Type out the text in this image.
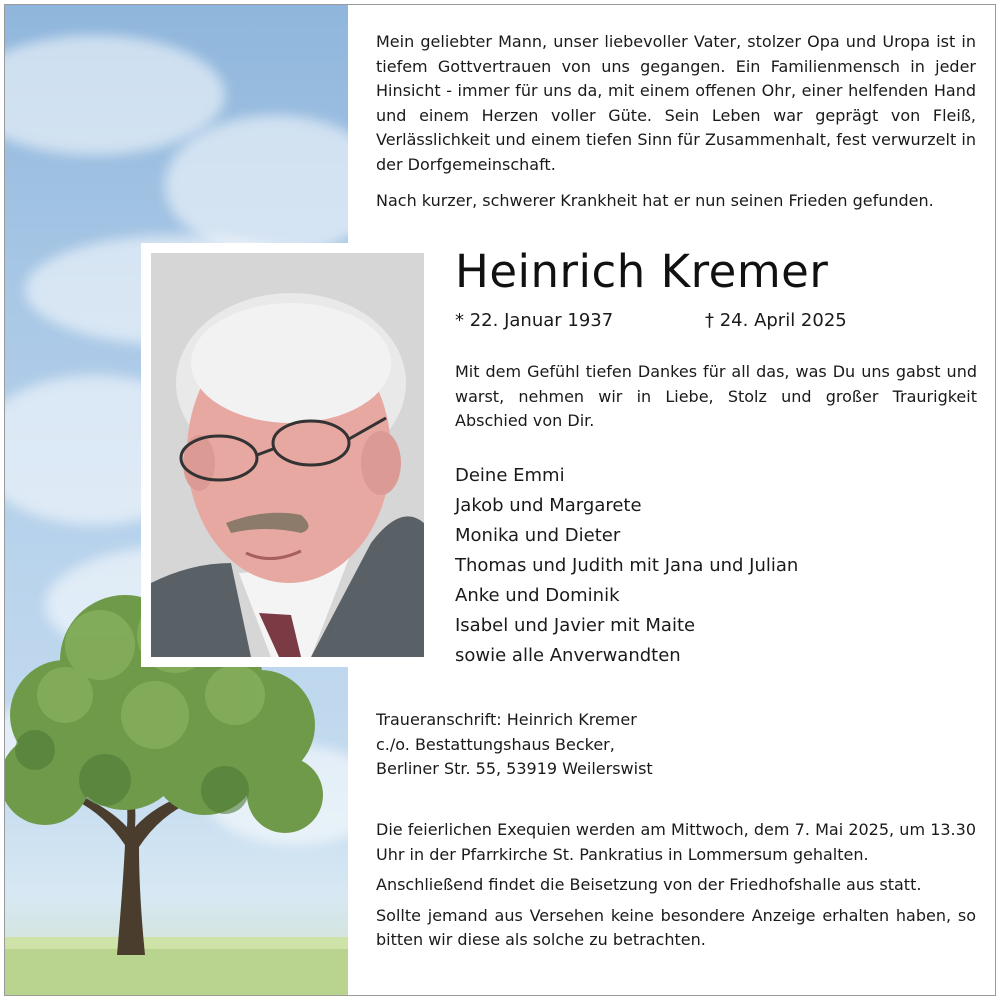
Mein geliebter Mann, unser liebevoller Vater, stolzer Opa und Uropa ist in tiefem Gottvertrauen von uns gegangen. Ein Familienmensch in jeder Hinsicht - immer für uns da, mit einem offenen Ohr, einer helfenden Hand und einem Herzen voller Güte. Sein Leben war geprägt von Fleiß, Verlässlichkeit und einem tiefen Sinn für Zusammenhalt, fest verwurzelt in der Dorfgemeinschaft.

Nach kurzer, schwerer Krankheit hat er nun seinen Frieden gefunden.

Heinrich Kremer
* 22. Januar 1937	† 24. April 2025
Mit dem Gefühl tiefen Dankes für all das, was Du uns gabst und warst, nehmen wir in Liebe, Stolz und großer Traurigkeit Abschied von Dir.
Deine Emmi
Jakob und Margarete
Monika und Dieter
Thomas und Judith mit Jana und Julian
Anke und Dominik
Isabel und Javier mit Maite
sowie alle Anverwandten

Traueranschrift: Heinrich Kremer

c./o. Bestattungshaus Becker,

Berliner Str. 55, 53919 Weilerswist

Die feierlichen Exequien werden am Mittwoch, dem 7. Mai 2025, um 13.30 Uhr in der Pfarrkirche St. Pankratius in Lommersum gehalten.

Anschließend findet die Beisetzung von der Friedhofshalle aus statt.

Sollte jemand aus Versehen keine besondere Anzeige erhalten haben, so bitten wir diese als solche zu betrachten.
